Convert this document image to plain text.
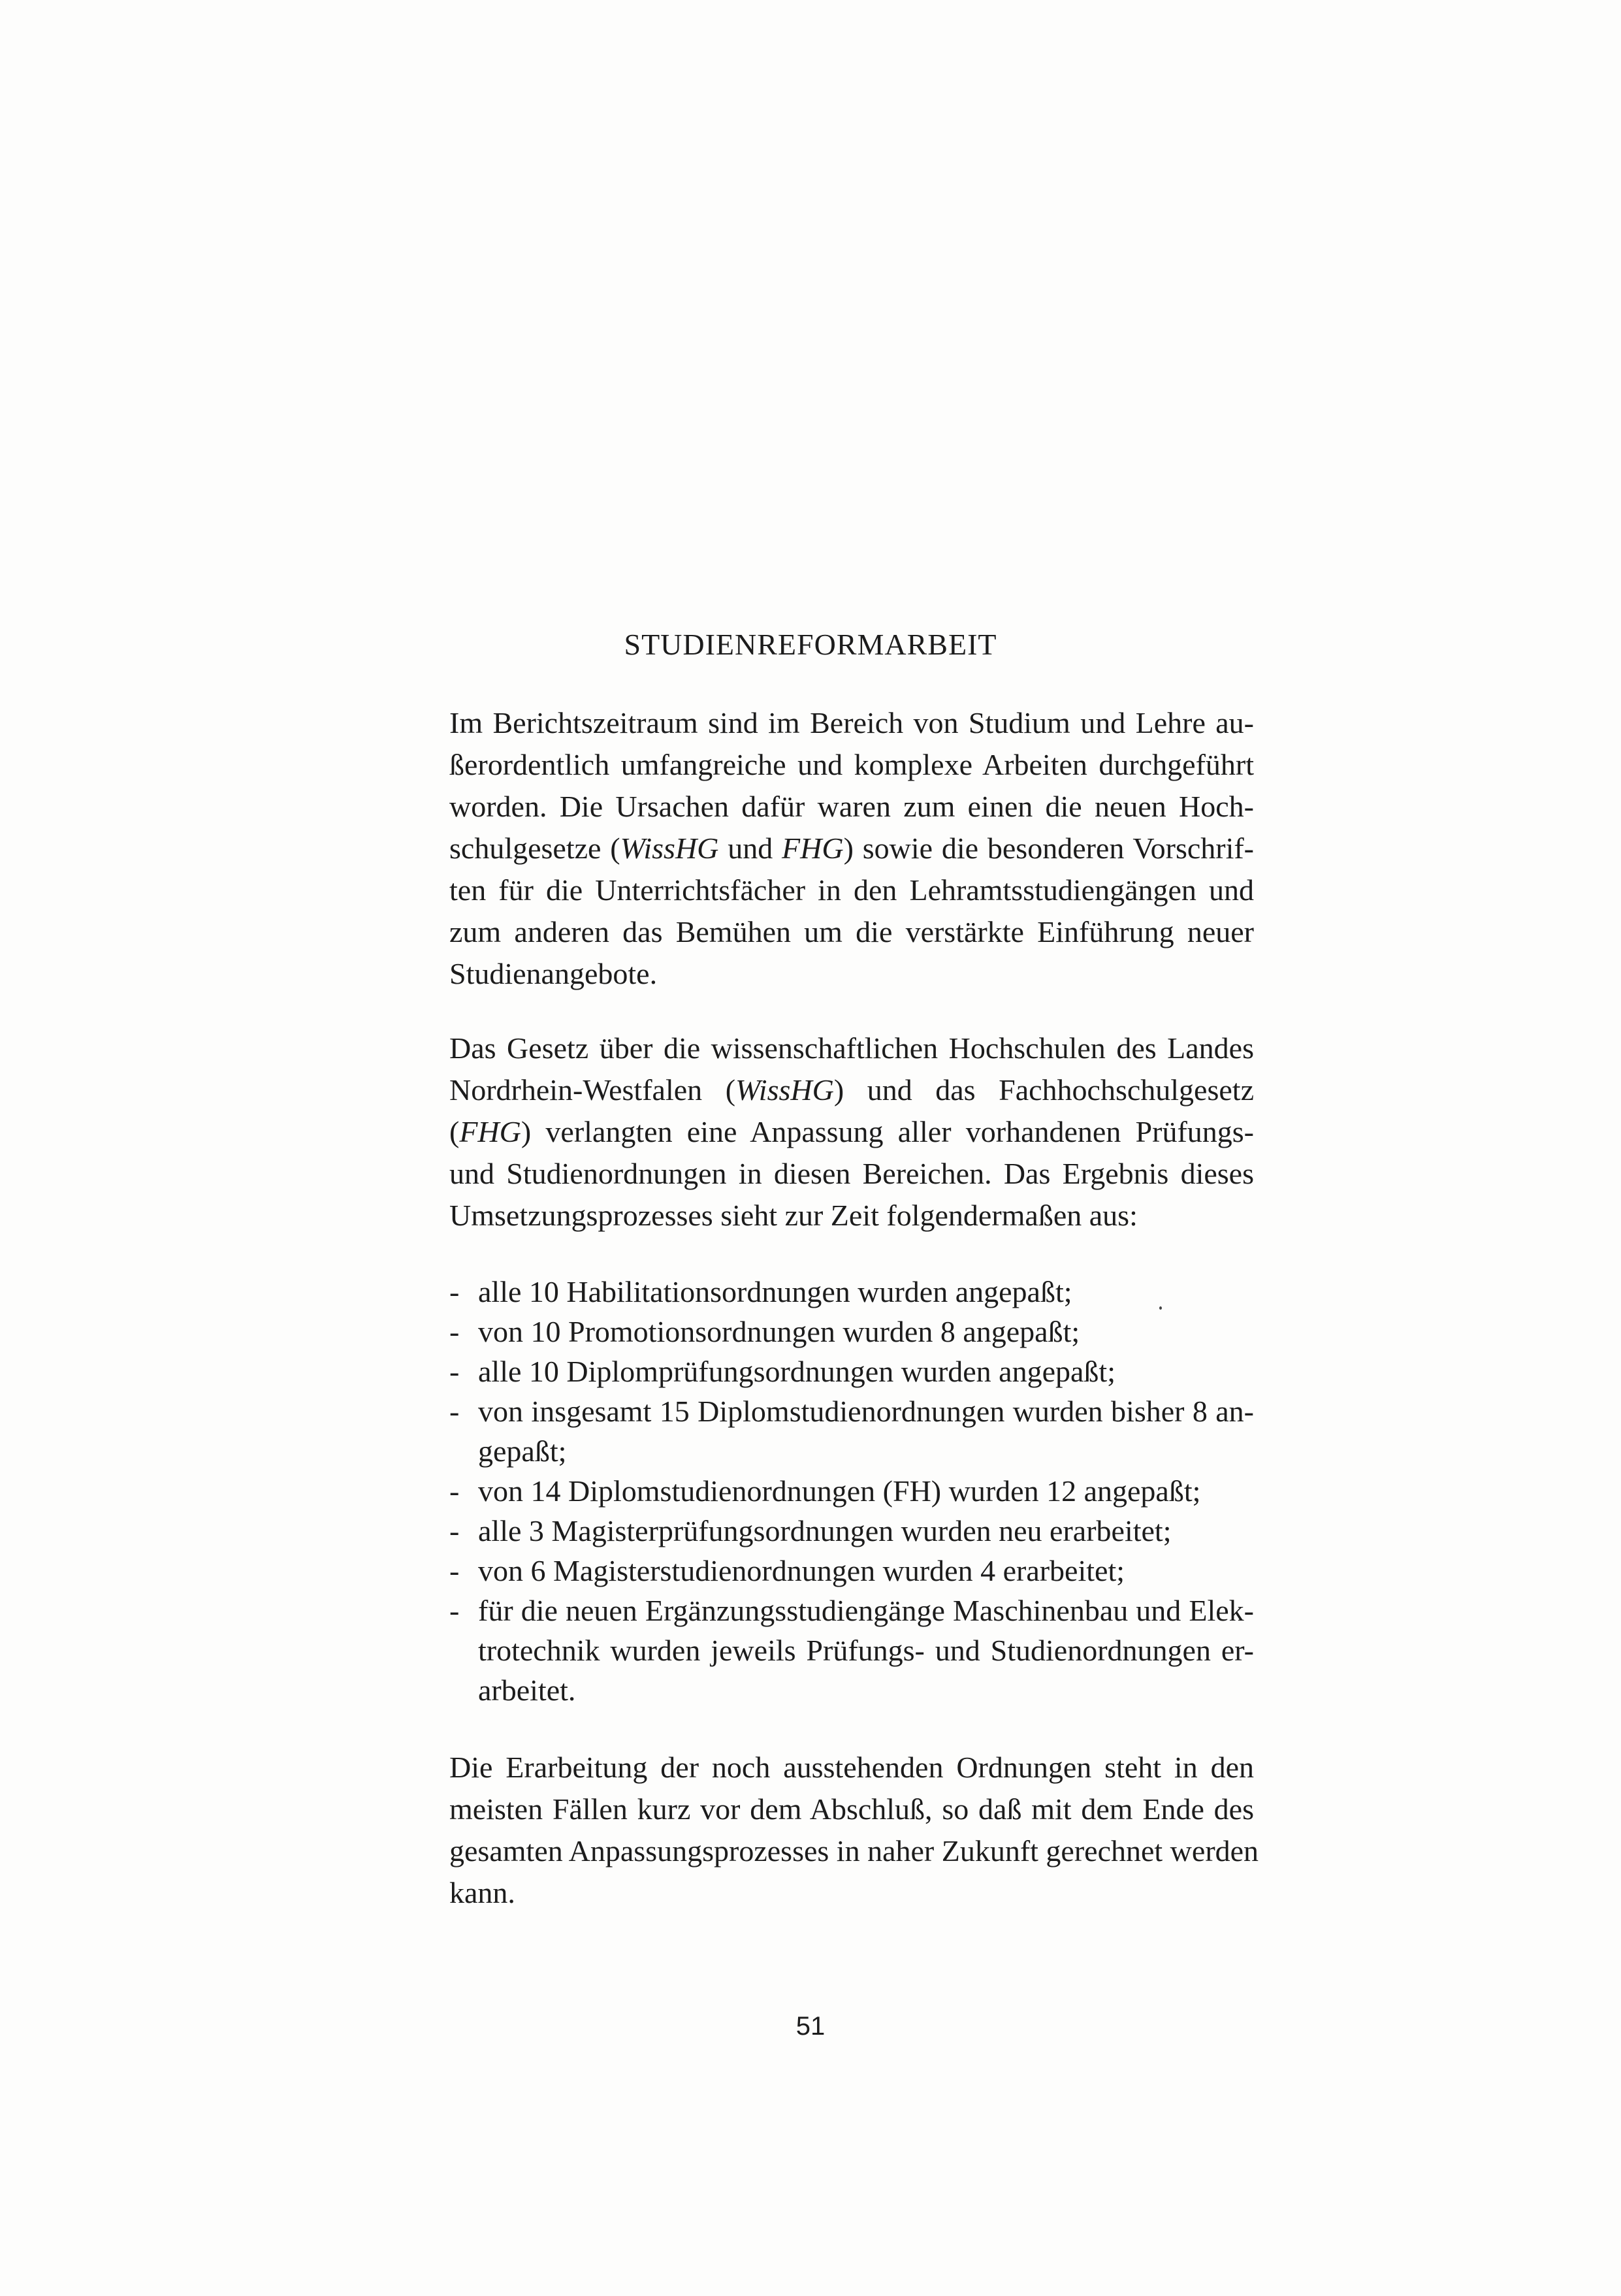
STUDIENREFORMARBEIT

Im Berichtszeitraum sind im Bereich von Studium und Lehre au-
ßerordentlich umfangreiche und komplexe Arbeiten durchgeführt
worden. Die Ursachen dafür waren zum einen die neuen Hoch-
schulgesetze (WissHG und FHG) sowie die besonderen Vorschrif-
ten für die Unterrichtsfächer in den Lehramtsstudiengängen und
zum anderen das Bemühen um die verstärkte Einführung neuer
Studienangebote.

Das Gesetz über die wissenschaftlichen Hochschulen des Landes
Nordrhein-Westfalen (WissHG) und das Fachhochschulgesetz
(FHG) verlangten eine Anpassung aller vorhandenen Prüfungs-
und Studienordnungen in diesen Bereichen. Das Ergebnis dieses
Umsetzungsprozesses sieht zur Zeit folgendermaßen aus:

- alle 10 Habilitationsordnungen wurden angepaßt;
- von 10 Promotionsordnungen wurden 8 angepaßt;
- alle 10 Diplomprüfungsordnungen wurden angepaßt;
- von insgesamt 15 Diplomstudienordnungen wurden bisher 8 an-
gepaßt;
- von 14 Diplomstudienordnungen (FH) wurden 12 angepaßt;
- alle 3 Magisterprüfungsordnungen wurden neu erarbeitet;
- von 6 Magisterstudienordnungen wurden 4 erarbeitet;
- für die neuen Ergänzungsstudiengänge Maschinenbau und Elek-
trotechnik wurden jeweils Prüfungs- und Studienordnungen er-
arbeitet.

Die Erarbeitung der noch ausstehenden Ordnungen steht in den
meisten Fällen kurz vor dem Abschluß, so daß mit dem Ende des
gesamten Anpassungsprozesses in naher Zukunft gerechnet werden
kann.

51
